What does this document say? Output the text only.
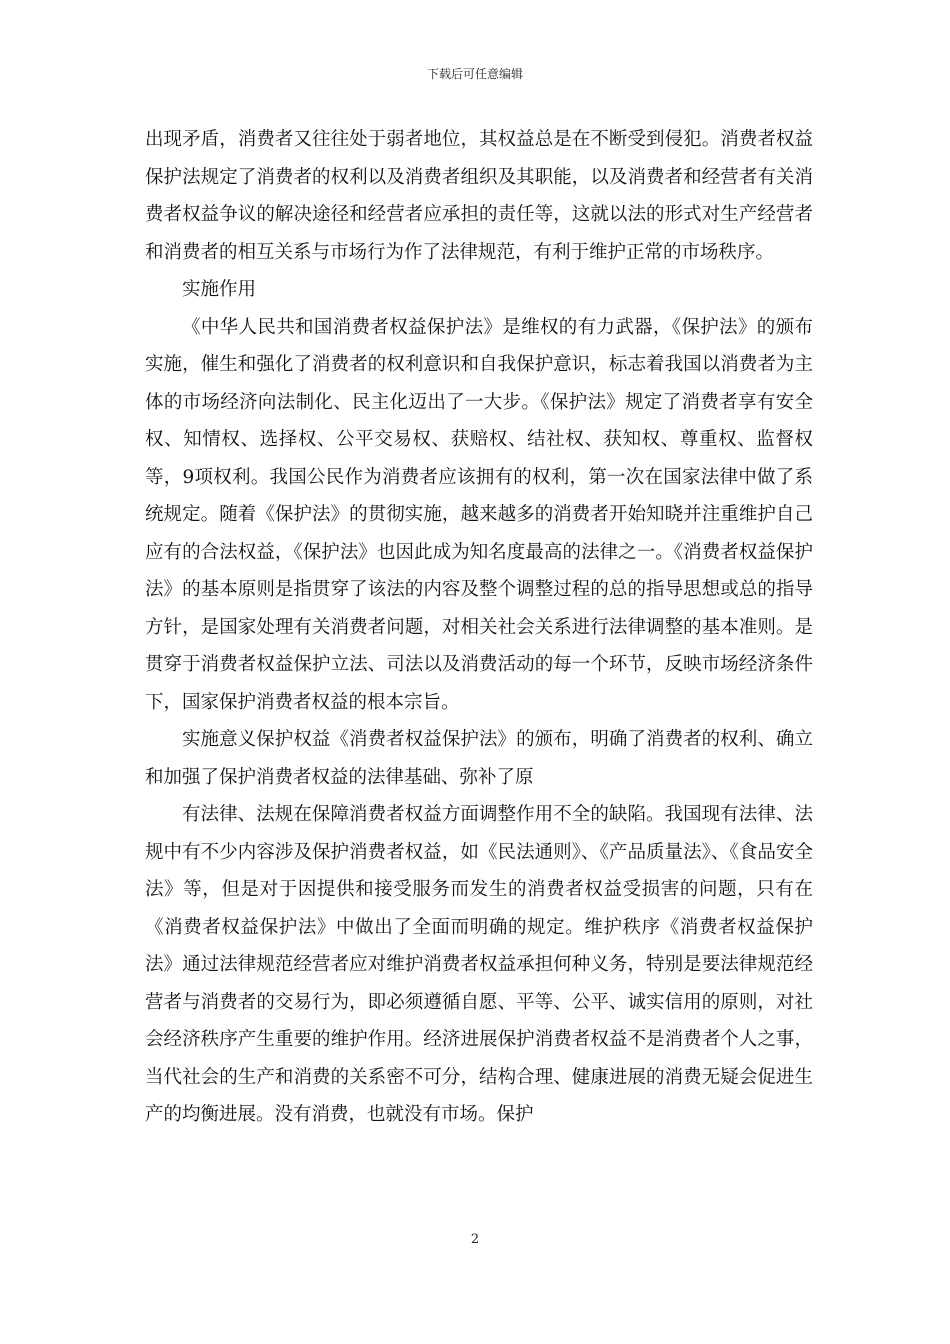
下载后可任意编辑

出现矛盾，消费者又往往处于弱者地位，其权益总是在不断受到侵犯。消费者权益保护法规定了消费者的权利以及消费者组织及其职能，以及消费者和经营者有关消费者权益争议的解决途径和经营者应承担的责任等，这就以法的形式对生产经营者和消费者的相互关系与市场行为作了法律规范，有利于维护正常的市场秩序。

实施作用

《中华人民共和国消费者权益保护法》是维权的有力武器，《保护法》的颁布实施，催生和强化了消费者的权利意识和自我保护意识，标志着我国以消费者为主体的市场经济向法制化、民主化迈出了一大步。《保护法》规定了消费者享有安全权、知情权、选择权、公平交易权、获赔权、结社权、获知权、尊重权、监督权等，9项权利。我国公民作为消费者应该拥有的权利，第一次在国家法律中做了系统规定。随着《保护法》的贯彻实施，越来越多的消费者开始知晓并注重维护自己应有的合法权益，《保护法》也因此成为知名度最高的法律之一。《消费者权益保护法》的基本原则是指贯穿了该法的内容及整个调整过程的总的指导思想或总的指导方针，是国家处理有关消费者问题，对相关社会关系进行法律调整的基本准则。是贯穿于消费者权益保护立法、司法以及消费活动的每一个环节，反映市场经济条件下，国家保护消费者权益的根本宗旨。

实施意义保护权益《消费者权益保护法》的颁布，明确了消费者的权利、确立和加强了保护消费者权益的法律基础、弥补了原

有法律、法规在保障消费者权益方面调整作用不全的缺陷。我国现有法律、法规中有不少内容涉及保护消费者权益，如《民法通则》、《产品质量法》、《食品安全法》等，但是对于因提供和接受服务而发生的消费者权益受损害的问题，只有在《消费者权益保护法》中做出了全面而明确的规定。维护秩序《消费者权益保护法》通过法律规范经营者应对维护消费者权益承担何种义务，特别是要法律规范经营者与消费者的交易行为，即必须遵循自愿、平等、公平、诚实信用的原则，对社会经济秩序产生重要的维护作用。经济进展保护消费者权益不是消费者个人之事，当代社会的生产和消费的关系密不可分，结构合理、健康进展的消费无疑会促进生产的均衡进展。没有消费，也就没有市场。保护

2
